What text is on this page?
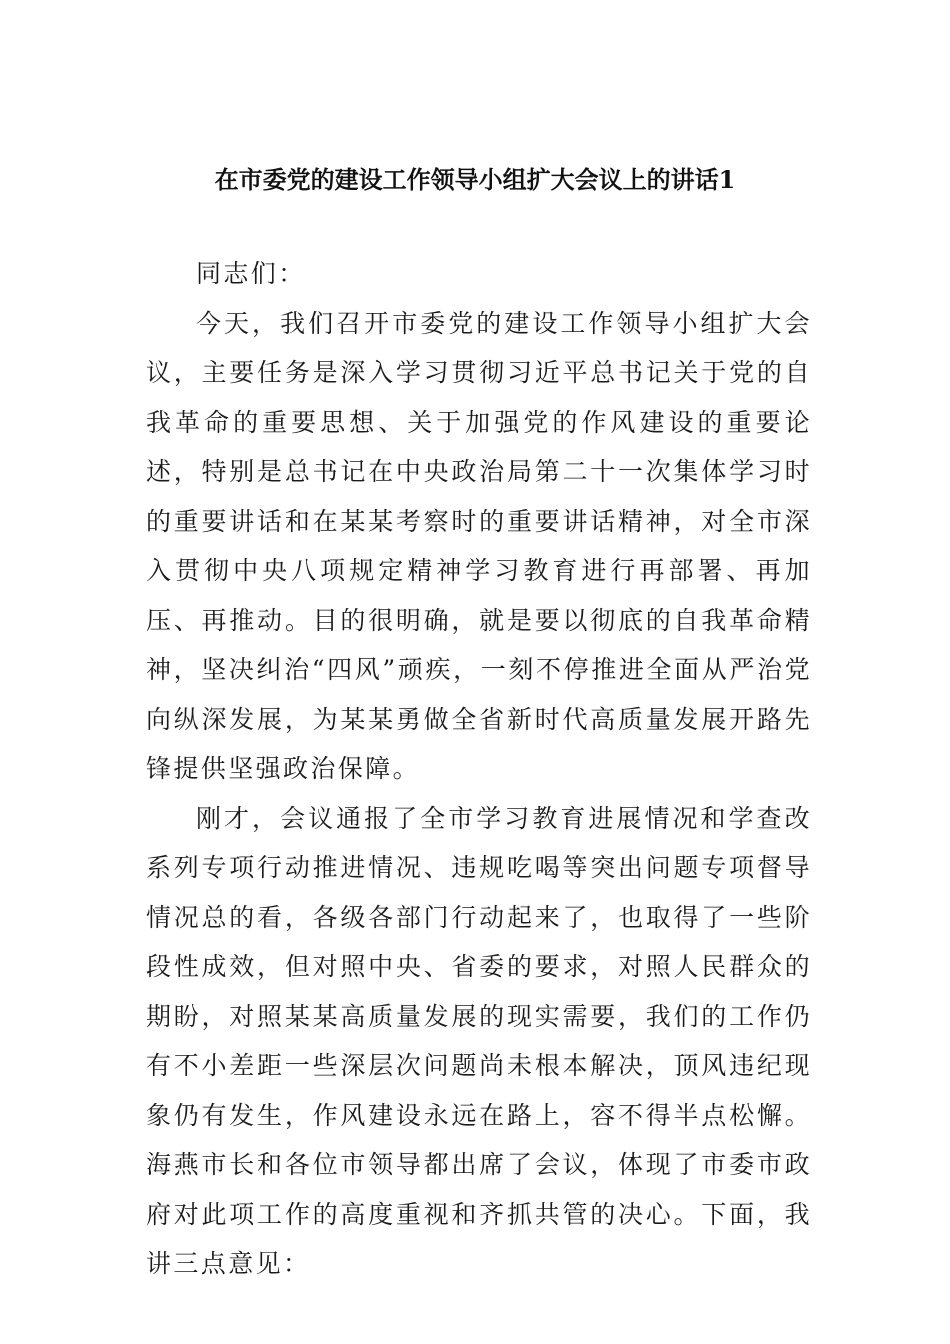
在市委党的建设工作领导小组扩大会议上的讲话1

同志们：

今天，我们召开市委党的建设工作领导小组扩大会议，主要任务是深入学习贯彻习近平总书记关于党的自我革命的重要思想、关于加强党的作风建设的重要论述，特别是总书记在中央政治局第二十一次集体学习时的重要讲话和在某某考察时的重要讲话精神，对全市深入贯彻中央八项规定精神学习教育进行再部署、再加压、再推动。目的很明确，就是要以彻底的自我革命精神，坚决纠治“四风”顽疾，一刻不停推进全面从严治党向纵深发展，为某某勇做全省新时代高质量发展开路先锋提供坚强政治保障。

刚才，会议通报了全市学习教育进展情况和学查改系列专项行动推进情况、违规吃喝等突出问题专项督导情况总的看，各级各部门行动起来了，也取得了一些阶段性成效，但对照中央、省委的要求，对照人民群众的期盼，对照某某高质量发展的现实需要，我们的工作仍有不小差距一些深层次问题尚未根本解决，顶风违纪现象仍有发生，作风建设永远在路上，容不得半点松懈。海燕市长和各位市领导都出席了会议，体现了市委市政府对此项工作的高度重视和齐抓共管的决心。下面，我讲三点意见：
